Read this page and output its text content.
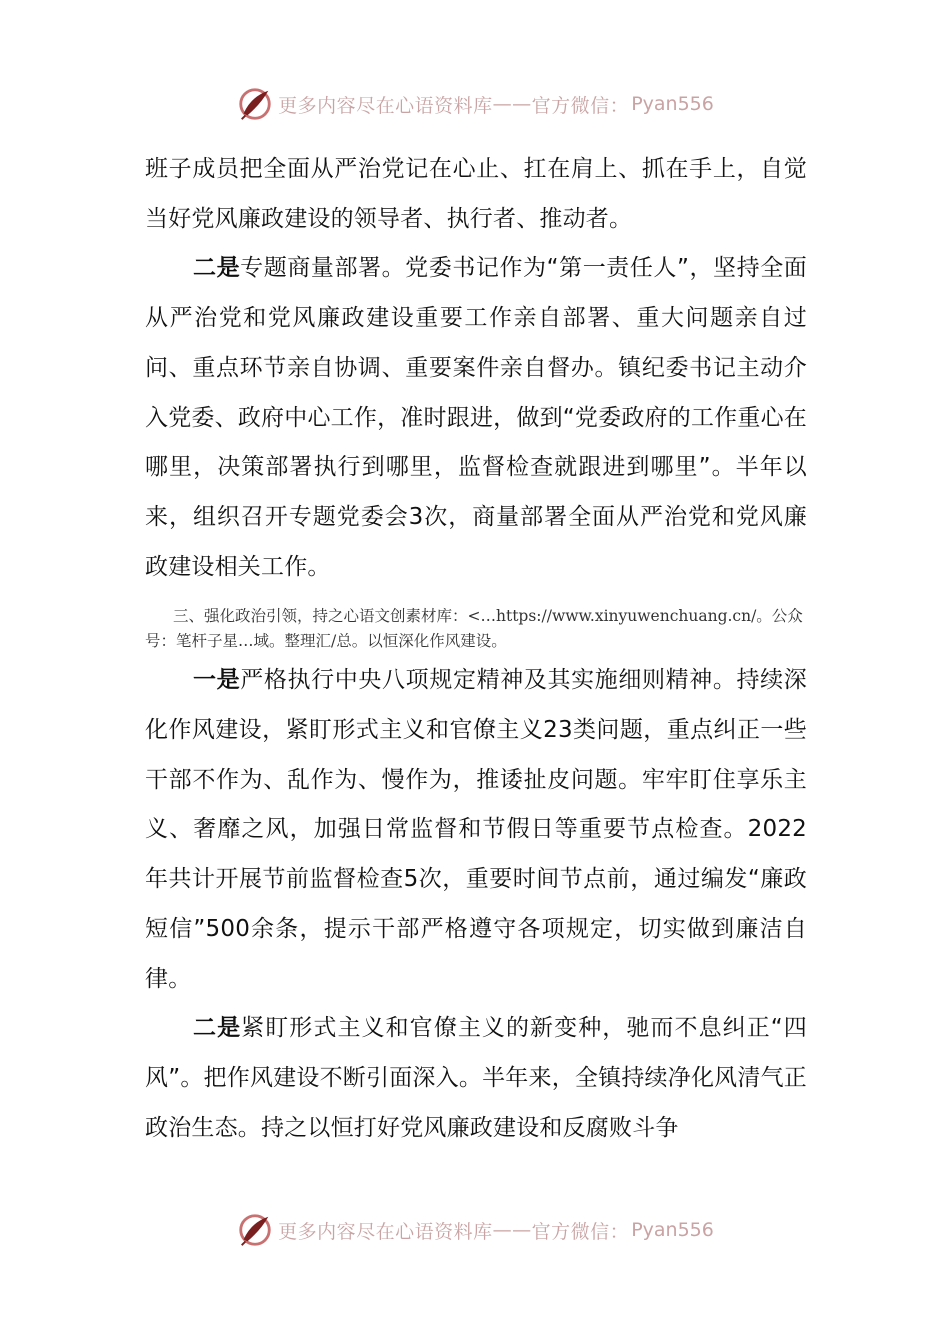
更多内容尽在心语资料库 —— 官方微信： Pyan556

班子成员把全面从严治党记在心止、扛在肩上、抓在手上，自觉当好党风廉政建设的领导者、执行者、推动者。

二是专题商量部署。党委书记作为“第一责任人”，坚持全面从严治党和党风廉政建设重要工作亲自部署、重大问题亲自过问、重点环节亲自协调、重要案件亲自督办。镇纪委书记主动介入党委、政府中心工作，准时跟进，做到“党委政府的工作重心在哪里，决策部署执行到哪里，监督检查就跟进到哪里”。半年以来，组织召开专题党委会3次，商量部署全面从严治党和党风廉政建设相关工作。

三、强化政治引领，持之心语文创素材库：<…https://www.xinyuwenchuang.cn/。公众号：笔杆子星…域。整理汇/总。以恒深化作风建设。

一是严格执行中央八项规定精神及其实施细则精神。持续深化作风建设，紧盯形式主义和官僚主义23类问题，重点纠正一些干部不作为、乱作为、慢作为，推诿扯皮问题。牢牢盯住享乐主义、奢靡之风，加强日常监督和节假日等重要节点检查。2022年共计开展节前监督检查5次，重要时间节点前，通过编发“廉政短信”500余条，提示干部严格遵守各项规定，切实做到廉洁自律。

二是紧盯形式主义和官僚主义的新变种，驰而不息纠正“四风”。把作风建设不断引面深入。半年来，全镇持续净化风清气正政治生态。持之以恒打好党风廉政建设和反腐败斗争

更多内容尽在心语资料库 —— 官方微信： Pyan556
